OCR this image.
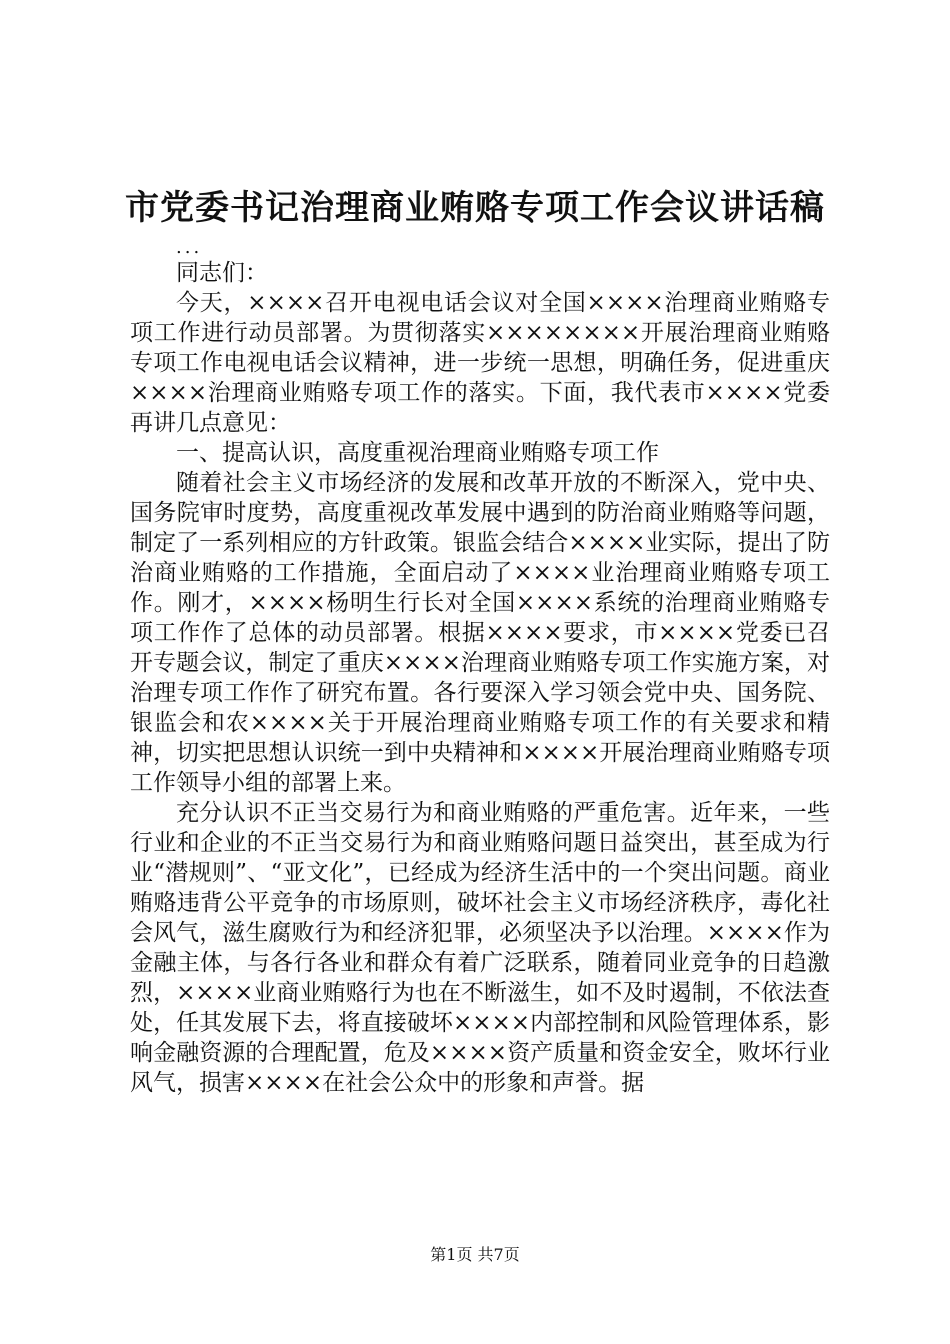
市党委书记治理商业贿赂专项工作会议讲话稿
...

同志们：

今天，××××召开电视电话会议对全国××××治理商业贿赂专项工作进行动员部署。为贯彻落实××××××××开展治理商业贿赂专项工作电视电话会议精神，进一步统一思想，明确任务，促进重庆××××治理商业贿赂专项工作的落实。下面，我代表市××××党委再讲几点意见：

一、提高认识，高度重视治理商业贿赂专项工作

随着社会主义市场经济的发展和改革开放的不断深入，党中央、国务院审时度势，高度重视改革发展中遇到的防治商业贿赂等问题，制定了一系列相应的方针政策。银监会结合××××业实际，提出了防治商业贿赂的工作措施，全面启动了××××业治理商业贿赂专项工作。刚才，××××杨明生行长对全国××××系统的治理商业贿赂专项工作作了总体的动员部署。根据××××要求，市××××党委已召开专题会议，制定了重庆××××治理商业贿赂专项工作实施方案，对治理专项工作作了研究布置。各行要深入学习领会党中央、国务院、银监会和农××××关于开展治理商业贿赂专项工作的有关要求和精神，切实把思想认识统一到中央精神和××××开展治理商业贿赂专项工作领导小组的部署上来。

充分认识不正当交易行为和商业贿赂的严重危害。近年来，一些行业和企业的不正当交易行为和商业贿赂问题日益突出，甚至成为行业“潜规则”、“亚文化”，已经成为经济生活中的一个突出问题。商业贿赂违背公平竞争的市场原则，破坏社会主义市场经济秩序，毒化社会风气，滋生腐败行为和经济犯罪，必须坚决予以治理。××××作为金融主体，与各行各业和群众有着广泛联系，随着同业竞争的日趋激烈，××××业商业贿赂行为也在不断滋生，如不及时遏制，不依法查处，任其发展下去，将直接破坏××××内部控制和风险管理体系，影响金融资源的合理配置，危及××××资产质量和资金安全，败坏行业风气，损害××××在社会公众中的形象和声誉。据

第1页 共7页
